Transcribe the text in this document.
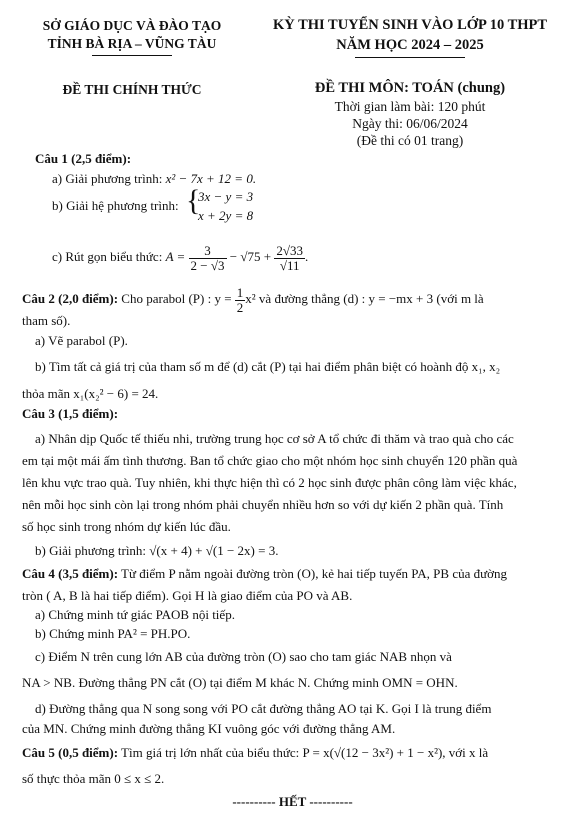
SỞ GIÁO DỤC VÀ ĐÀO TẠO
TỈNH BÀ RỊA – VŨNG TÀU
KỲ THI TUYỂN SINH VÀO LỚP 10 THPT
NĂM HỌC 2024 – 2025
ĐỀ THI CHÍNH THỨC	ĐỀ THI MÔN: TOÁN (chung)
Thời gian làm bài: 120 phút
Ngày thi: 06/06/2024
(Đề thi có 01 trang)
Câu 1 (2,5 điểm):
a) Giải phương trình: x² − 7x + 12 = 0.
b) Giải hệ phương trình: {
3x − y = 3
x + 2y = 8
c) Rút gọn biểu thức: $A = \frac{3}{2 - √3} - √75 + \frac{2√33}{√11}$ .
Câu 2 (2,0 điểm): Cho parabol (P) : $y = \frac{1}{2} x^2$ và đường thẳng (d) : y = −mx + 3 (với m là
tham số).
a) Vẽ parabol (P).
b) Tìm tất cả giá trị của tham số m để (d) cắt (P) tại hai điểm phân biệt có hoành độ x₁, x₂
thỏa mãn x₁(x₂² − 6) = 24.
Câu 3 (1,5 điểm):
a) Nhân dịp Quốc tế thiếu nhi, trường trung học cơ sở A tổ chức đi thăm và trao quà cho các
em tại một mái ấm tình thương. Ban tổ chức giao cho một nhóm học sinh chuyển 120 phần quà
lên khu vực trao quà. Tuy nhiên, khi thực hiện thì có 2 học sinh được phân công làm việc khác,
nên mỗi học sinh còn lại trong nhóm phải chuyển nhiều hơn so với dự kiến 2 phần quà. Tính
số học sinh trong nhóm dự kiến lúc đầu.
b) Giải phương trình: √(x + 4) + √(1 − 2x) = 3.
Câu 4 (3,5 điểm): Từ điểm P nằm ngoài đường tròn (O), kẻ hai tiếp tuyến PA, PB của đường
tròn ( A, B là hai tiếp điểm). Gọi H là giao điểm của PO và AB.
a) Chứng minh tứ giác PAOB nội tiếp.
b) Chứng minh PA² = PH.PO.
c) Điểm N trên cung lớn AB của đường tròn (O) sao cho tam giác NAB nhọn và
NA > NB. Đường thẳng PN cắt (O) tại điểm M khác N. Chứng minh OMN = OHN.
d) Đường thẳng qua N song song với PO cắt đường thẳng AO tại K. Gọi I là trung điểm
của MN. Chứng minh đường thẳng KI vuông góc với đường thẳng AM.
Câu 5 (0,5 điểm): Tìm giá trị lớn nhất của biểu thức: P = x(√(12 − 3x²) + 1 − x²), với x là
số thực thỏa mãn 0 ≤ x ≤ 2.
---------- HẾT ----------
